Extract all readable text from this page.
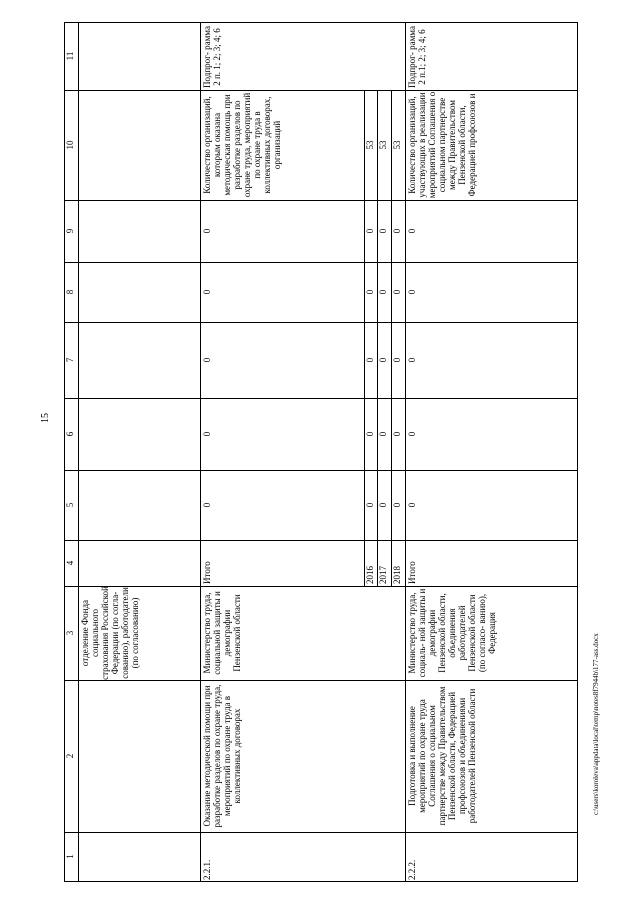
15
c:\users\koroleva\appdata\local\temp\notes8f7944b\177-ass.docx
1
2
3
4
5
6
7
8
9
10
11
отделение Фонда социального страхования Российской Федерации (по согла- сованию), работодатели (по согласованию)
2.2.1.
Оказание методической помощи при разработке разделов по охране труда, мероприятий по охране труда в коллективных договорах
Министерство труда, социальной защиты и демографии Пензенской области
Итого
0
0
0
0
0
Количество организаций, которым оказана методическая помощь при разработке разделов по охране труда, мероприятий по охране труда в коллективных договорах, организаций
Подпрог- рамма 2 п. 1; 2; 3; 4; 6
2016
0
0
0
0
0
53
2017
0
0
0
0
0
53
2018
0
0
0
0
0
53
2.2.2.
Подготовка и выполнение мероприятий по охране труда Соглашения о социальном партнерстве между Правительством Пензенской области, Федерацией профсоюзов и объединениями работодателей Пензенской области
Министерство труда, социаль- ной защиты и демографии Пензенской области, объединения работодателей Пензенской области (по согласо- ванию), Федерация
Итого
0
0
0
0
0
Количество организаций, участвующих в реализации мероприятий Соглашения о социальном партнерстве между Правительством Пензенской области, Федерацией профсоюзов и
Подпрог- рамма 2 п.1; 2; 3; 4; 6
